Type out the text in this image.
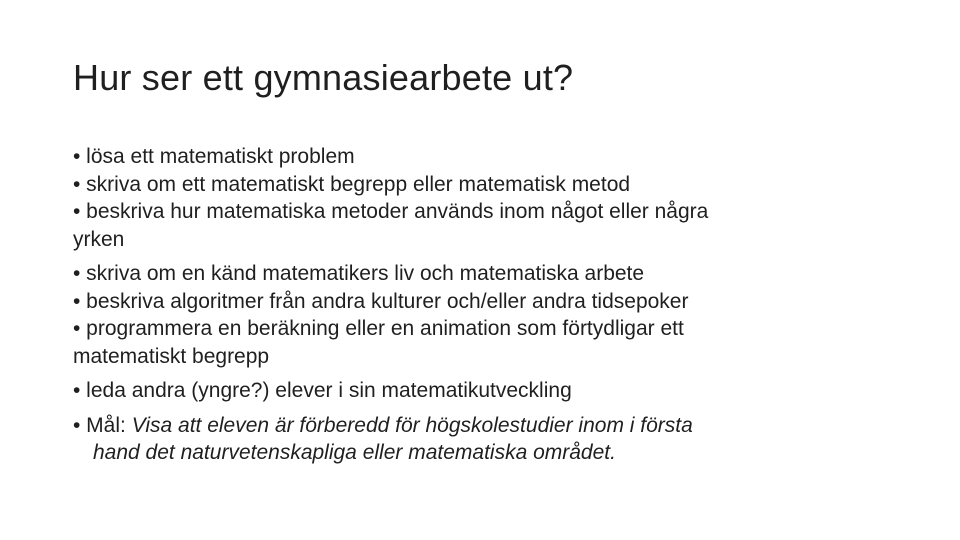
Hur ser ett gymnasiearbete ut?
• lösa ett matematiskt problem
• skriva om ett matematiskt begrepp eller matematisk metod
• beskriva hur matematiska metoder används inom något eller några
yrken
• skriva om en känd matematikers liv och matematiska arbete
• beskriva algoritmer från andra kulturer och/eller andra tidsepoker
• programmera en beräkning eller en animation som förtydligar ett
matematiskt begrepp
• leda andra (yngre?) elever i sin matematikutveckling
• Mål: Visa att eleven är förberedd för högskolestudier inom i första
hand det naturvetenskapliga eller matematiska området.
